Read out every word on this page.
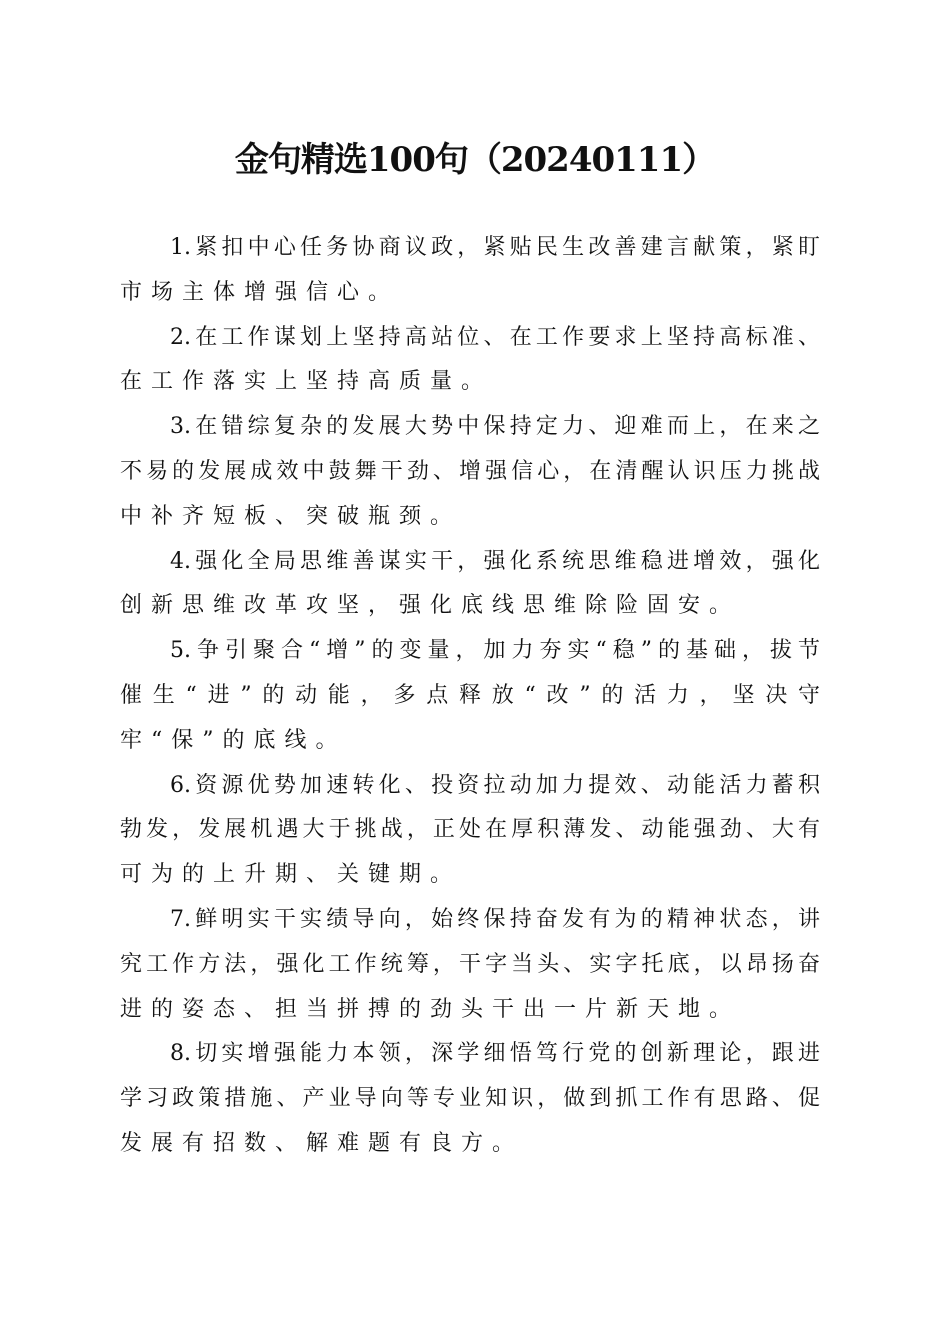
金句精选100句（20240111）
1.紧扣中心任务协商议政，紧贴民生改善建言献策，紧盯
市场主体增强信心。
2.在工作谋划上坚持高站位、在工作要求上坚持高标准、
在工作落实上坚持高质量。
3.在错综复杂的发展大势中保持定力、迎难而上，在来之
不易的发展成效中鼓舞干劲、增强信心，在清醒认识压力挑战
中补齐短板、突破瓶颈。
4.强化全局思维善谋实干，强化系统思维稳进增效，强化
创新思维改革攻坚，强化底线思维除险固安。
5.争引聚合“增”的变量，加力夯实“稳”的基础，拔节
催生“进”的动能，多点释放“改”的活力，坚决守
牢“保”的底线。
6.资源优势加速转化、投资拉动加力提效、动能活力蓄积
勃发，发展机遇大于挑战，正处在厚积薄发、动能强劲、大有
可为的上升期、关键期。
7.鲜明实干实绩导向，始终保持奋发有为的精神状态，讲
究工作方法，强化工作统筹，干字当头、实字托底，以昂扬奋
进的姿态、担当拼搏的劲头干出一片新天地。
8.切实增强能力本领，深学细悟笃行党的创新理论，跟进
学习政策措施、产业导向等专业知识，做到抓工作有思路、促
发展有招数、解难题有良方。
